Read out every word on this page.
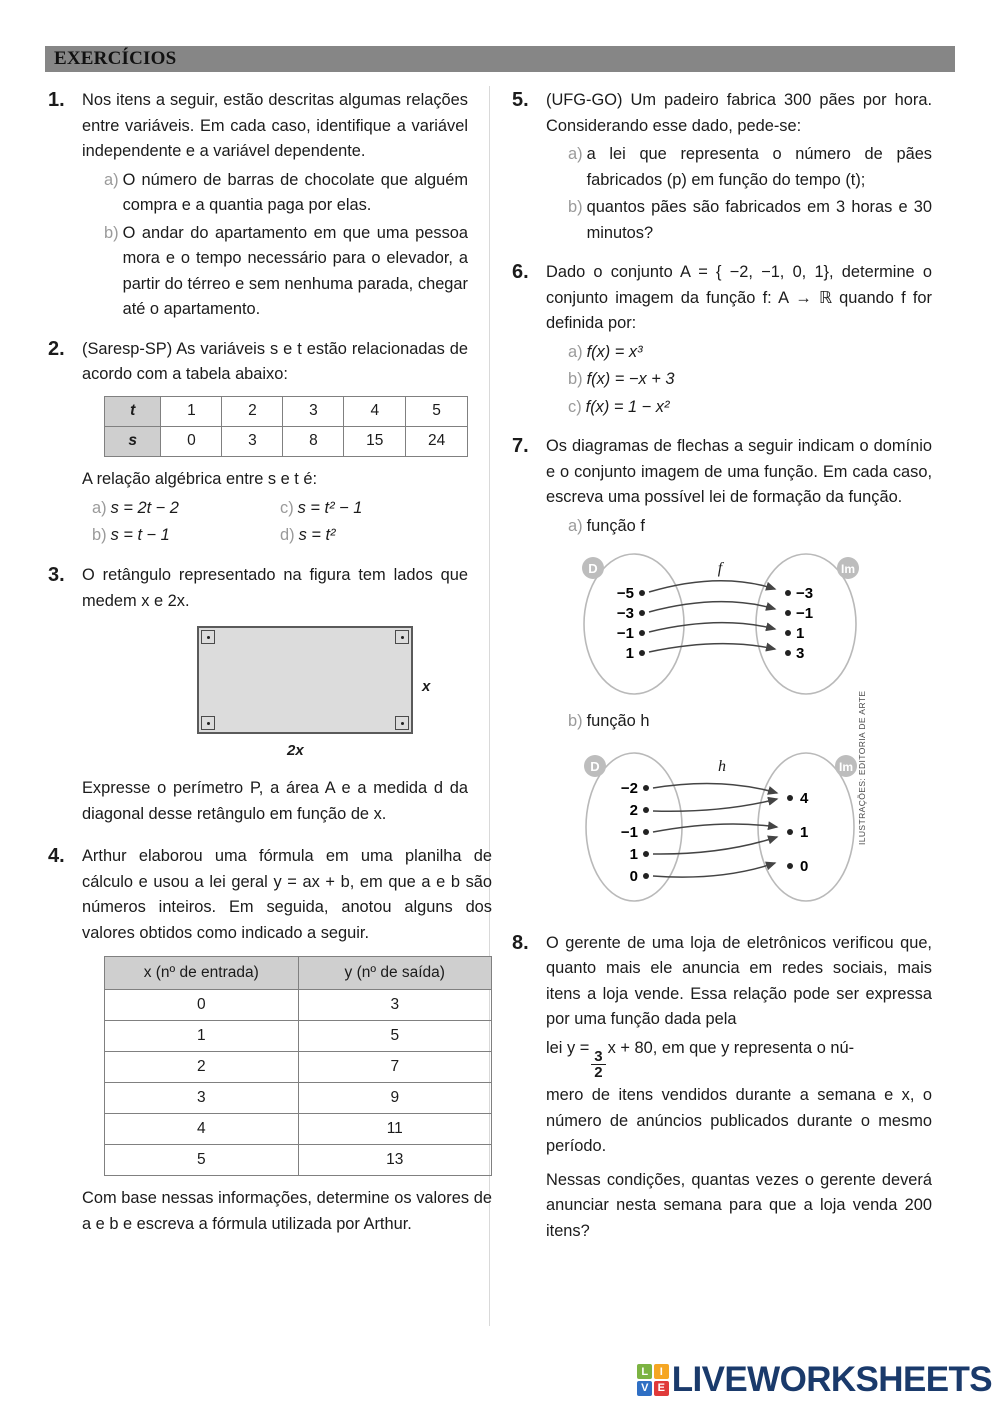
EXERCÍCIOS
1.	Nos itens a seguir, estão descritas algumas relações entre variáveis. Em cada caso, identifique a variável independente e a variável dependente.

a) O número de barras de chocolate que alguém compra e a quantia paga por elas.
b) O andar do apartamento em que uma pessoa mora e o tempo necessário para o elevador, a partir do térreo e sem nenhuma parada, chegar até o apartamento.
2.	(Saresp-SP) As variáveis s e t estão relacionadas de acordo com a tabela abaixo:

t	1	2	3	4	5
s	0	3	8	15	24

A relação algébrica entre s e t é:

a) s = 2t − 2
b) s = t − 1
c) s = t² − 1
d) s = t²
3.	O retângulo representado na figura tem lados que medem x e 2x.

x
2x

Expresse o perímetro P, a área A e a medida d da diagonal desse retângulo em função de x.

4.	Arthur elaborou uma fórmula em uma planilha de cálculo e usou a lei geral y = ax + b, em que a e b são números inteiros. Em seguida, anotou alguns dos valores obtidos como indicado a seguir.

x (nº de entrada)	y (nº de saída)
0	3
1	5
2	7
3	9
4	11
5	13

Com base nessas informações, determine os valores de a e b e escreva a fórmula utilizada por Arthur.

5.	(UFG-GO) Um padeiro fabrica 300 pães por hora. Considerando esse dado, pede-se:

a) a lei que representa o número de pães fabricados (p) em função do tempo (t);
b) quantos pães são fabricados em 3 horas e 30 minutos?
6.	Dado o conjunto A = { −2, −1, 0, 1}, determine o conjunto imagem da função f: A → ℝ quando f for definida por:

a) f(x) = x³
b) f(x) = −x + 3
c) f(x) = 1 − x²
7.	Os diagramas de flechas a seguir indicam o domínio e o conjunto imagem de uma função. Em cada caso, escreva uma possível lei de formação da função.

a) função f
D	Im
f
−5
−3
−1
1
−3
−1
1
3
b) função h
D	Im
h
−2
2
−1
1
0
4
1
0
8.	O gerente de uma loja de eletrônicos verificou que, quanto mais ele anuncia em redes sociais, mais itens a loja vende. Essa relação pode ser expressa por uma função dada pela

lei y =
$\frac{3}{2}$
x + 80, em que y representa o nú-

mero de itens vendidos durante a semana e x, o número de anúncios publicados durante o mesmo período.

Nessas condições, quantas vezes o gerente deverá anunciar nesta semana para que a loja venda 200 itens?

ILUSTRAÇÕES: EDITORIA DE ARTE
L	I
V E LIVEWORKSHEETS
